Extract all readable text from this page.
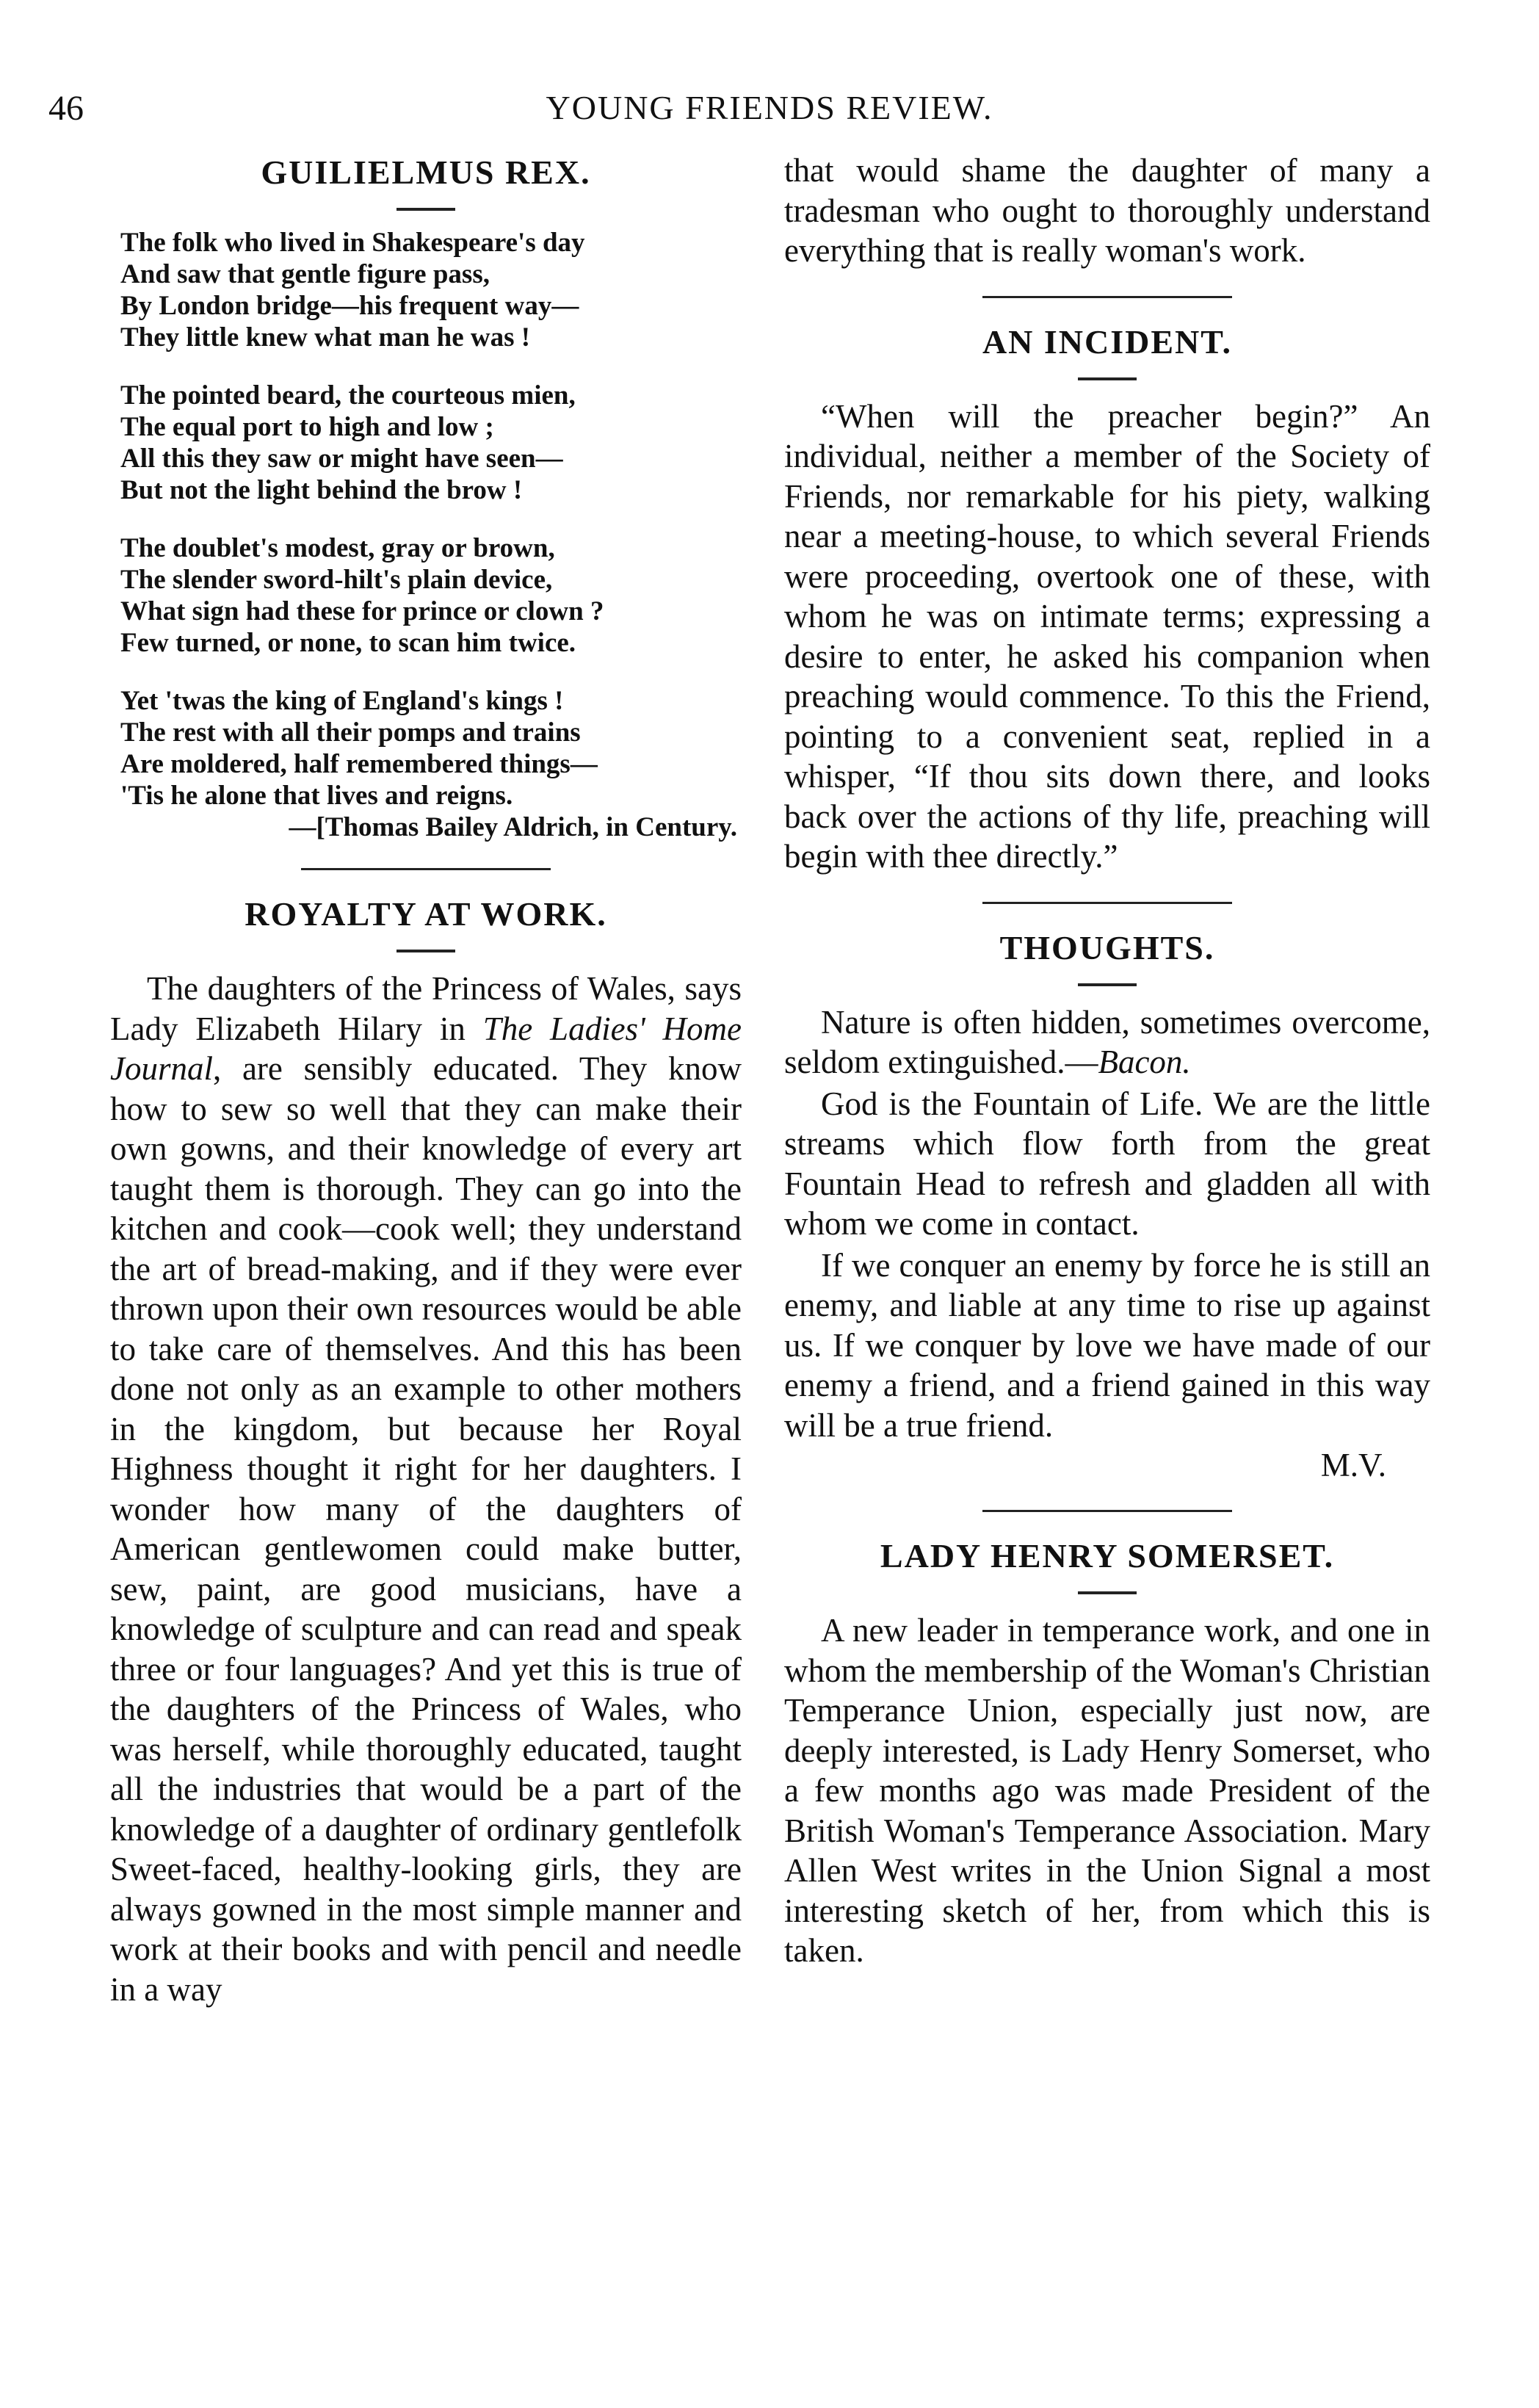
YOUNG FRIENDS REVIEW.
46
GUILIELMUS REX.
The folk who lived in Shakespeare's day
And saw that gentle figure pass,
By London bridge—his frequent way—
They little knew what man he was !
The pointed beard, the courteous mien,
The equal port to high and low ;
All this they saw or might have seen—
But not the light behind the brow !
The doublet's modest, gray or brown,
The slender sword-hilt's plain device,
What sign had these for prince or clown ?
Few turned, or none, to scan him twice.
Yet 'twas the king of England's kings !
The rest with all their pomps and trains
Are moldered, half remembered things—
'Tis he alone that lives and reigns.
—[Thomas Bailey Aldrich, in Century.
ROYALTY AT WORK.

The daughters of the Princess of Wales, says Lady Elizabeth Hilary in The Ladies' Home Journal, are sensibly educated. They know how to sew so well that they can make their own gowns, and their knowledge of every art taught them is thorough. They can go into the kitchen and cook—cook well; they understand the art of bread-making, and if they were ever thrown upon their own resources would be able to take care of themselves. And this has been done not only as an example to other mothers in the kingdom, but because her Royal Highness thought it right for her daughters. I wonder how many of the daughters of American gentlewomen could make butter, sew, paint, are good musicians, have a knowledge of sculpture and can read and speak three or four languages? And yet this is true of the daughters of the Princess of Wales, who was herself, while thoroughly educated, taught all the industries that would be a part of the knowledge of a daughter of ordinary gentlefolk Sweet-faced, healthy-looking girls, they are always gowned in the most simple manner and work at their books and with pencil and needle in a way

that would shame the daughter of many a tradesman who ought to thoroughly understand everything that is really woman's work.

AN INCIDENT.

“When will the preacher begin?” An individual, neither a member of the Society of Friends, nor remarkable for his piety, walking near a meeting-house, to which several Friends were proceeding, overtook one of these, with whom he was on intimate terms; expressing a desire to enter, he asked his companion when preaching would commence. To this the Friend, pointing to a convenient seat, replied in a whisper, “If thou sits down there, and looks back over the actions of thy life, preaching will begin with thee directly.”

THOUGHTS.

Nature is often hidden, sometimes overcome, seldom extinguished.—Bacon.

God is the Fountain of Life. We are the little streams which flow forth from the great Fountain Head to refresh and gladden all with whom we come in contact.

If we conquer an enemy by force he is still an enemy, and liable at any time to rise up against us. If we conquer by love we have made of our enemy a friend, and a friend gained in this way will be a true friend.

M.V.
LADY HENRY SOMERSET.

A new leader in temperance work, and one in whom the membership of the Woman's Christian Temperance Union, especially just now, are deeply interested, is Lady Henry Somerset, who a few months ago was made President of the British Woman's Temperance Association. Mary Allen West writes in the Union Signal a most interesting sketch of her, from which this is taken.
